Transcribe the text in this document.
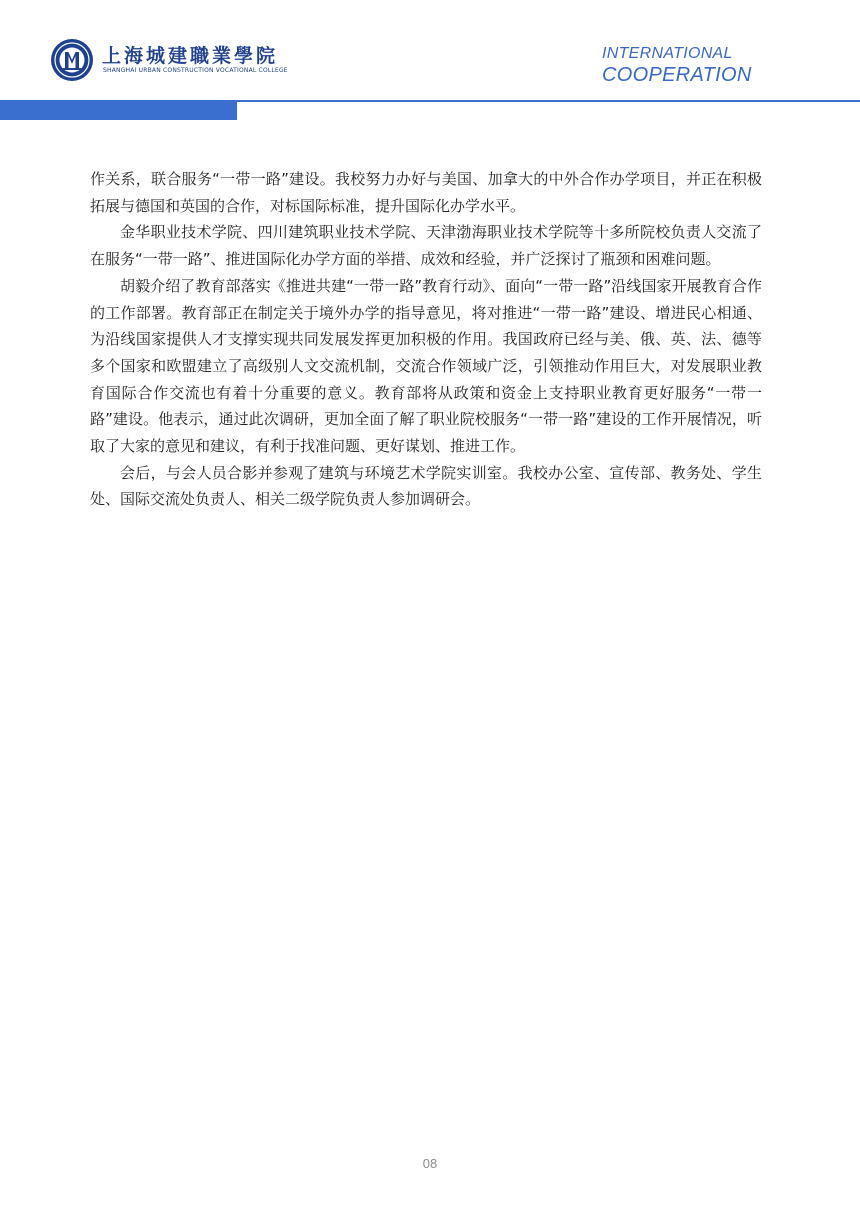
上海城建職業學院
SHANGHAI URBAN CONSTRUCTION VOCATIONAL COLLEGE
INTERNATIONAL
COOPERATION

作关系，联合服务“一带一路”建设。我校努力办好与美国、加拿大的中外合作办学项目，并正在积极拓展与德国和英国的合作，对标国际标准，提升国际化办学水平。

金华职业技术学院、四川建筑职业技术学院、天津渤海职业技术学院等十多所院校负责人交流了在服务“一带一路”、推进国际化办学方面的举措、成效和经验，并广泛探讨了瓶颈和困难问题。

胡毅介绍了教育部落实《推进共建“一带一路”教育行动》、面向“一带一路”沿线国家开展教育合作的工作部署。教育部正在制定关于境外办学的指导意见，将对推进“一带一路”建设、增进民心相通、为沿线国家提供人才支撑实现共同发展发挥更加积极的作用。我国政府已经与美、俄、英、法、德等多个国家和欧盟建立了高级别人文交流机制，交流合作领域广泛，引领推动作用巨大，对发展职业教育国际合作交流也有着十分重要的意义。教育部将从政策和资金上支持职业教育更好服务“一带一路”建设。他表示，通过此次调研，更加全面了解了职业院校服务“一带一路”建设的工作开展情况，听取了大家的意见和建议，有利于找准问题、更好谋划、推进工作。

会后，与会人员合影并参观了建筑与环境艺术学院实训室。我校办公室、宣传部、教务处、学生处、国际交流处负责人、相关二级学院负责人参加调研会。

08
